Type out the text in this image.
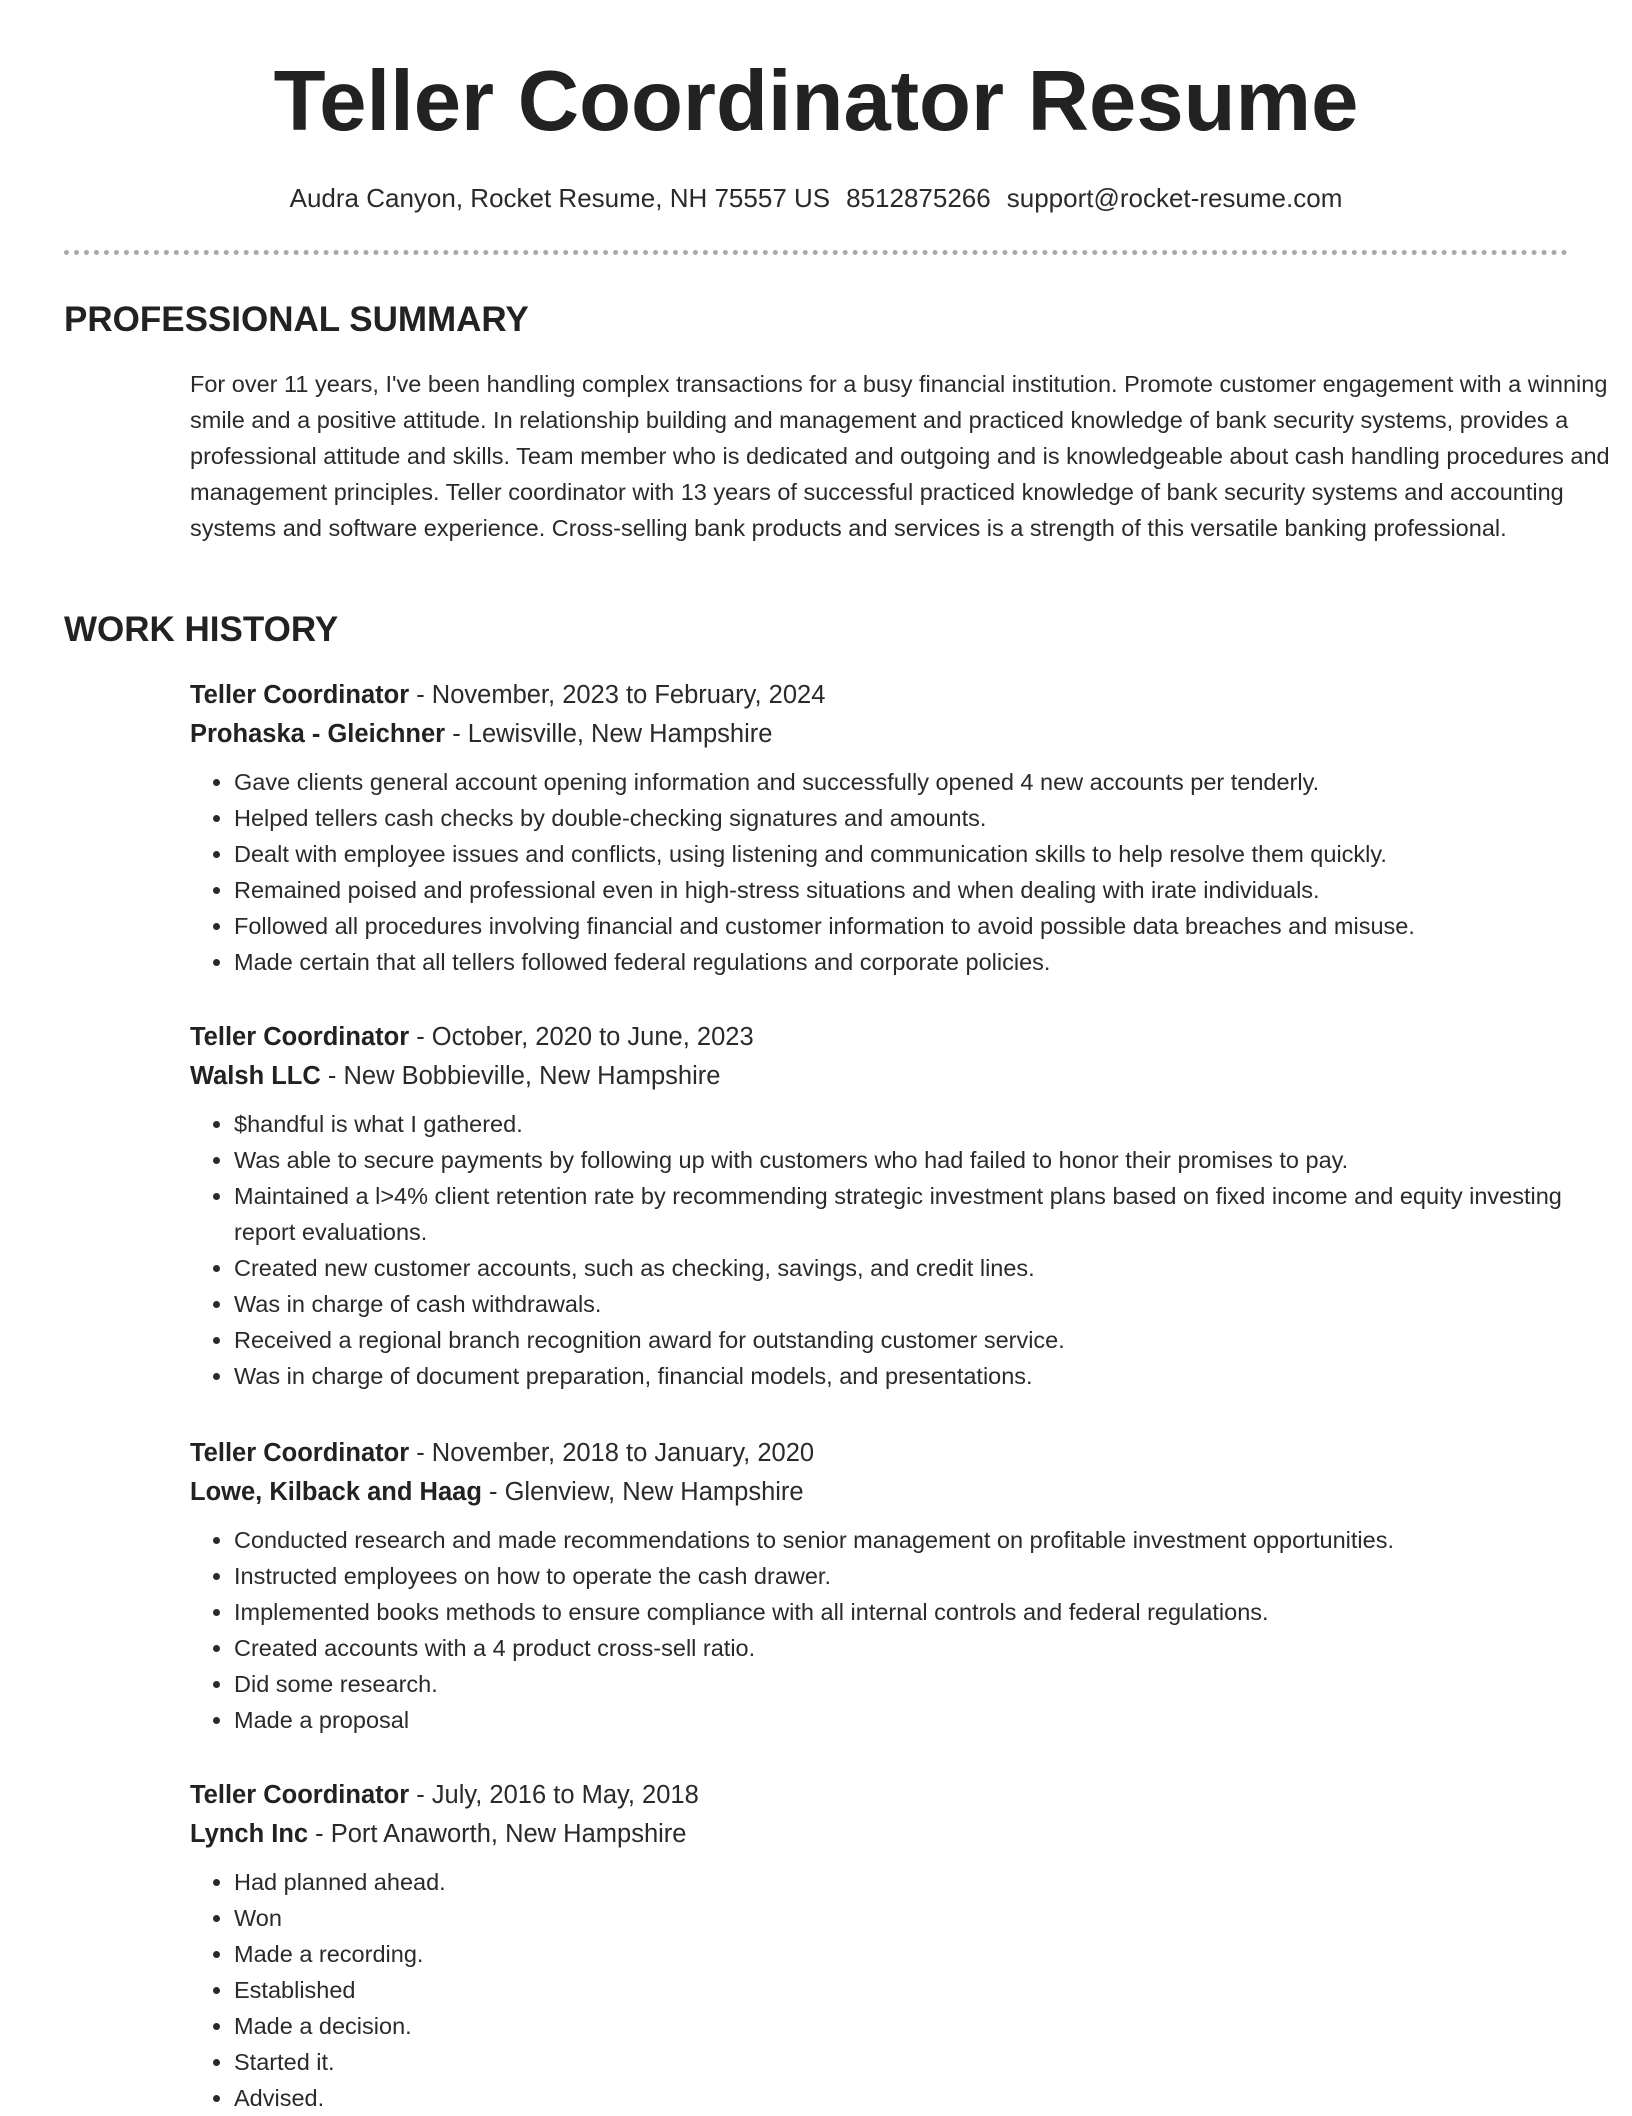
Teller Coordinator Resume
Audra Canyon, Rocket Resume, NH 75557 US 8512875266 support@rocket-resume.com
PROFESSIONAL SUMMARY

For over 11 years, I've been handling complex transactions for a busy financial institution. Promote customer engagement with a winning smile and a positive attitude. In relationship building and management and practiced knowledge of bank security systems, provides a professional attitude and skills. Team member who is dedicated and outgoing and is knowledgeable about cash handling procedures and management principles. Teller coordinator with 13 years of successful practiced knowledge of bank security systems and accounting systems and software experience. Cross-selling bank products and services is a strength of this versatile banking professional.

WORK HISTORY

Teller Coordinator - November, 2023 to February, 2024

Prohaska - Gleichner - Lewisville, New Hampshire

• Gave clients general account opening information and successfully opened 4 new accounts per tenderly.
• Helped tellers cash checks by double-checking signatures and amounts.
• Dealt with employee issues and conflicts, using listening and communication skills to help resolve them quickly.
• Remained poised and professional even in high-stress situations and when dealing with irate individuals.
• Followed all procedures involving financial and customer information to avoid possible data breaches and misuse.
• Made certain that all tellers followed federal regulations and corporate policies.

Teller Coordinator - October, 2020 to June, 2023

Walsh LLC - New Bobbieville, New Hampshire

• $handful is what I gathered.
• Was able to secure payments by following up with customers who had failed to honor their promises to pay.
• Maintained a l>4% client retention rate by recommending strategic investment plans based on fixed income and equity investing report evaluations.
• Created new customer accounts, such as checking, savings, and credit lines.
• Was in charge of cash withdrawals.
• Received a regional branch recognition award for outstanding customer service.
• Was in charge of document preparation, financial models, and presentations.

Teller Coordinator - November, 2018 to January, 2020

Lowe, Kilback and Haag - Glenview, New Hampshire

• Conducted research and made recommendations to senior management on profitable investment opportunities.
• Instructed employees on how to operate the cash drawer.
• Implemented books methods to ensure compliance with all internal controls and federal regulations.
• Created accounts with a 4 product cross-sell ratio.
• Did some research.
• Made a proposal

Teller Coordinator - July, 2016 to May, 2018

Lynch Inc - Port Anaworth, New Hampshire

• Had planned ahead.
• Won
• Made a recording.
• Established
• Made a decision.
• Started it.
• Advised.
